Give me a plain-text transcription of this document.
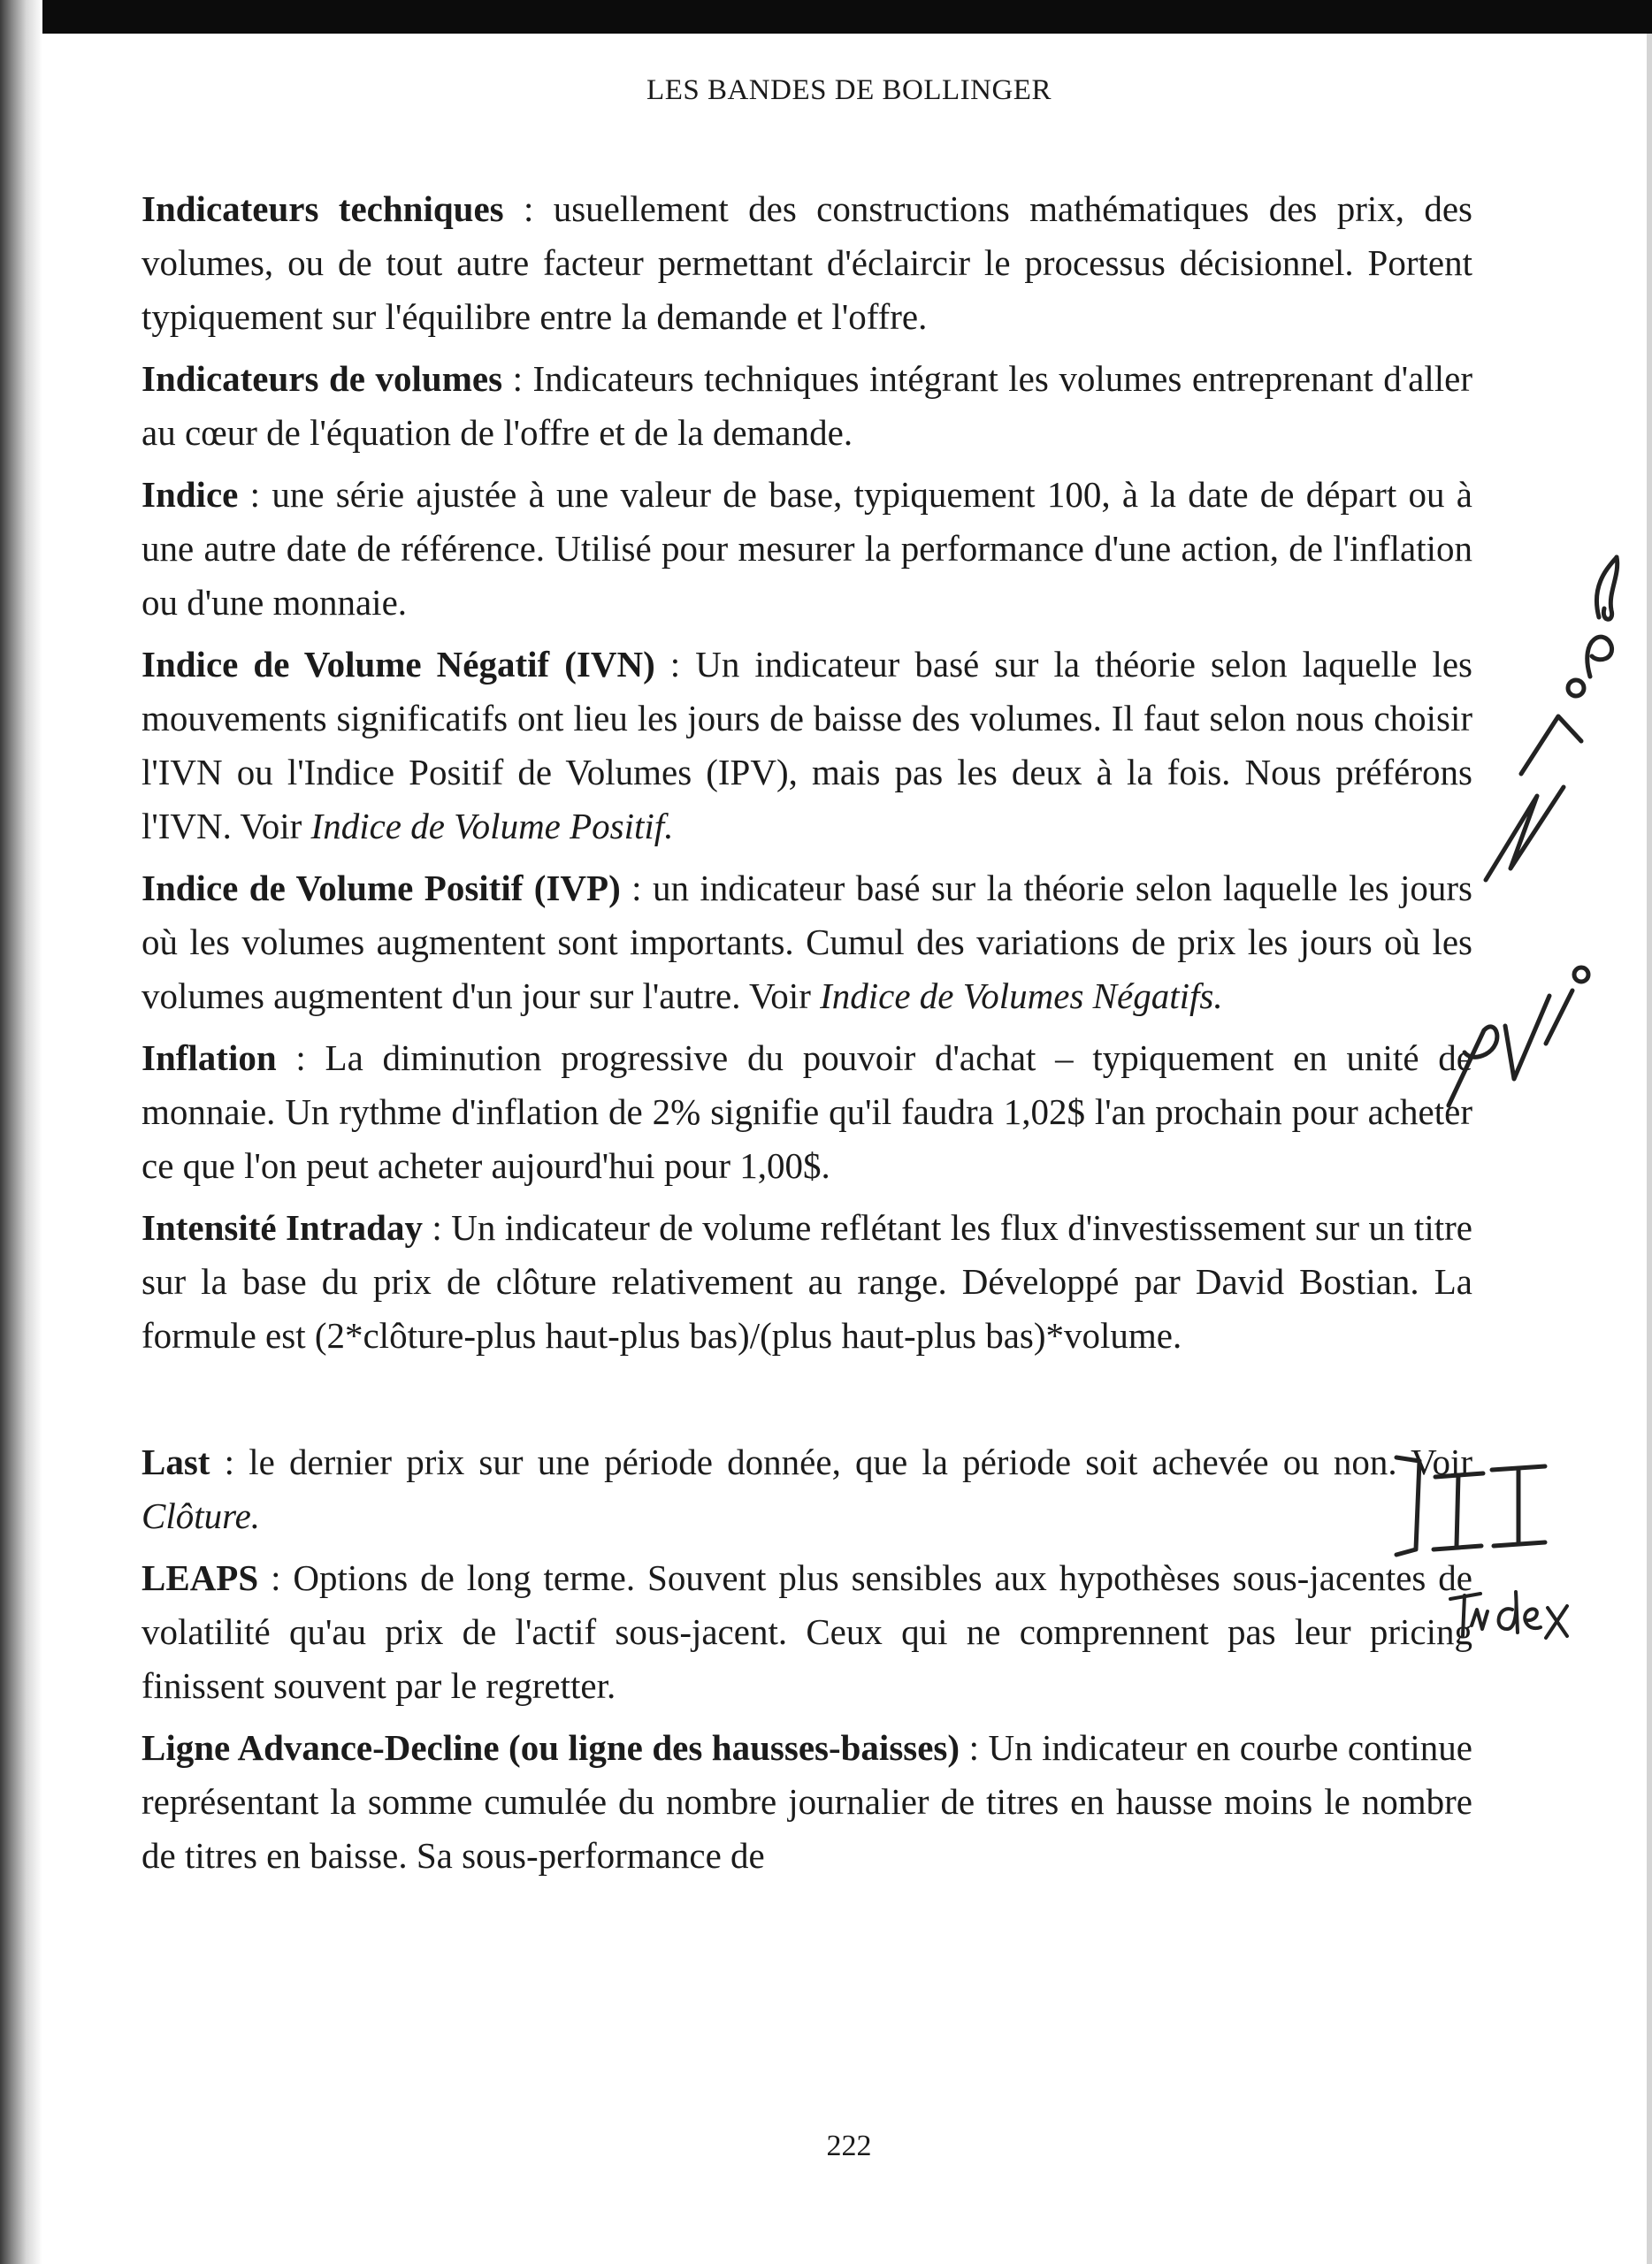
LES BANDES DE BOLLINGER

Indicateurs techniques : usuellement des constructions mathématiques des prix, des volumes, ou de tout autre facteur permettant d'éclaircir le processus décisionnel. Portent typiquement sur l'équilibre entre la demande et l'offre.

Indicateurs de volumes : Indicateurs techniques intégrant les volumes entreprenant d'aller au cœur de l'équation de l'offre et de la demande.

Indice : une série ajustée à une valeur de base, typiquement 100, à la date de départ ou à une autre date de référence. Utilisé pour mesurer la performance d'une action, de l'inflation ou d'une monnaie.

Indice de Volume Négatif (IVN) : Un indicateur basé sur la théorie selon laquelle les mouvements significatifs ont lieu les jours de baisse des volumes. Il faut selon nous choisir l'IVN ou l'Indice Positif de Volumes (IPV), mais pas les deux à la fois. Nous préférons l'IVN. Voir Indice de Volume Positif.

Indice de Volume Positif (IVP) : un indicateur basé sur la théorie selon laquelle les jours où les volumes augmentent sont importants. Cumul des variations de prix les jours où les volumes augmentent d'un jour sur l'autre. Voir Indice de Volumes Négatifs.

Inflation : La diminution progressive du pouvoir d'achat – typiquement en unité de monnaie. Un rythme d'inflation de 2% signifie qu'il faudra 1,02$ l'an prochain pour acheter ce que l'on peut acheter aujourd'hui pour 1,00$.

Intensité Intraday : Un indicateur de volume reflétant les flux d'investissement sur un titre sur la base du prix de clôture relativement au range. Développé par David Bostian. La formule est (2*clôture-plus haut-plus bas)/(plus haut-plus bas)*volume.

Last : le dernier prix sur une période donnée, que la période soit achevée ou non. Voir Clôture.

LEAPS : Options de long terme. Souvent plus sensibles aux hypothèses sous-jacentes de volatilité qu'au prix de l'actif sous-jacent. Ceux qui ne comprennent pas leur pricing finissent souvent par le regretter.

Ligne Advance-Decline (ou ligne des hausses-baisses) : Un indicateur en courbe continue représentant la somme cumulée du nombre journalier de titres en hausse moins le nombre de titres en baisse. Sa sous-performance de

222
